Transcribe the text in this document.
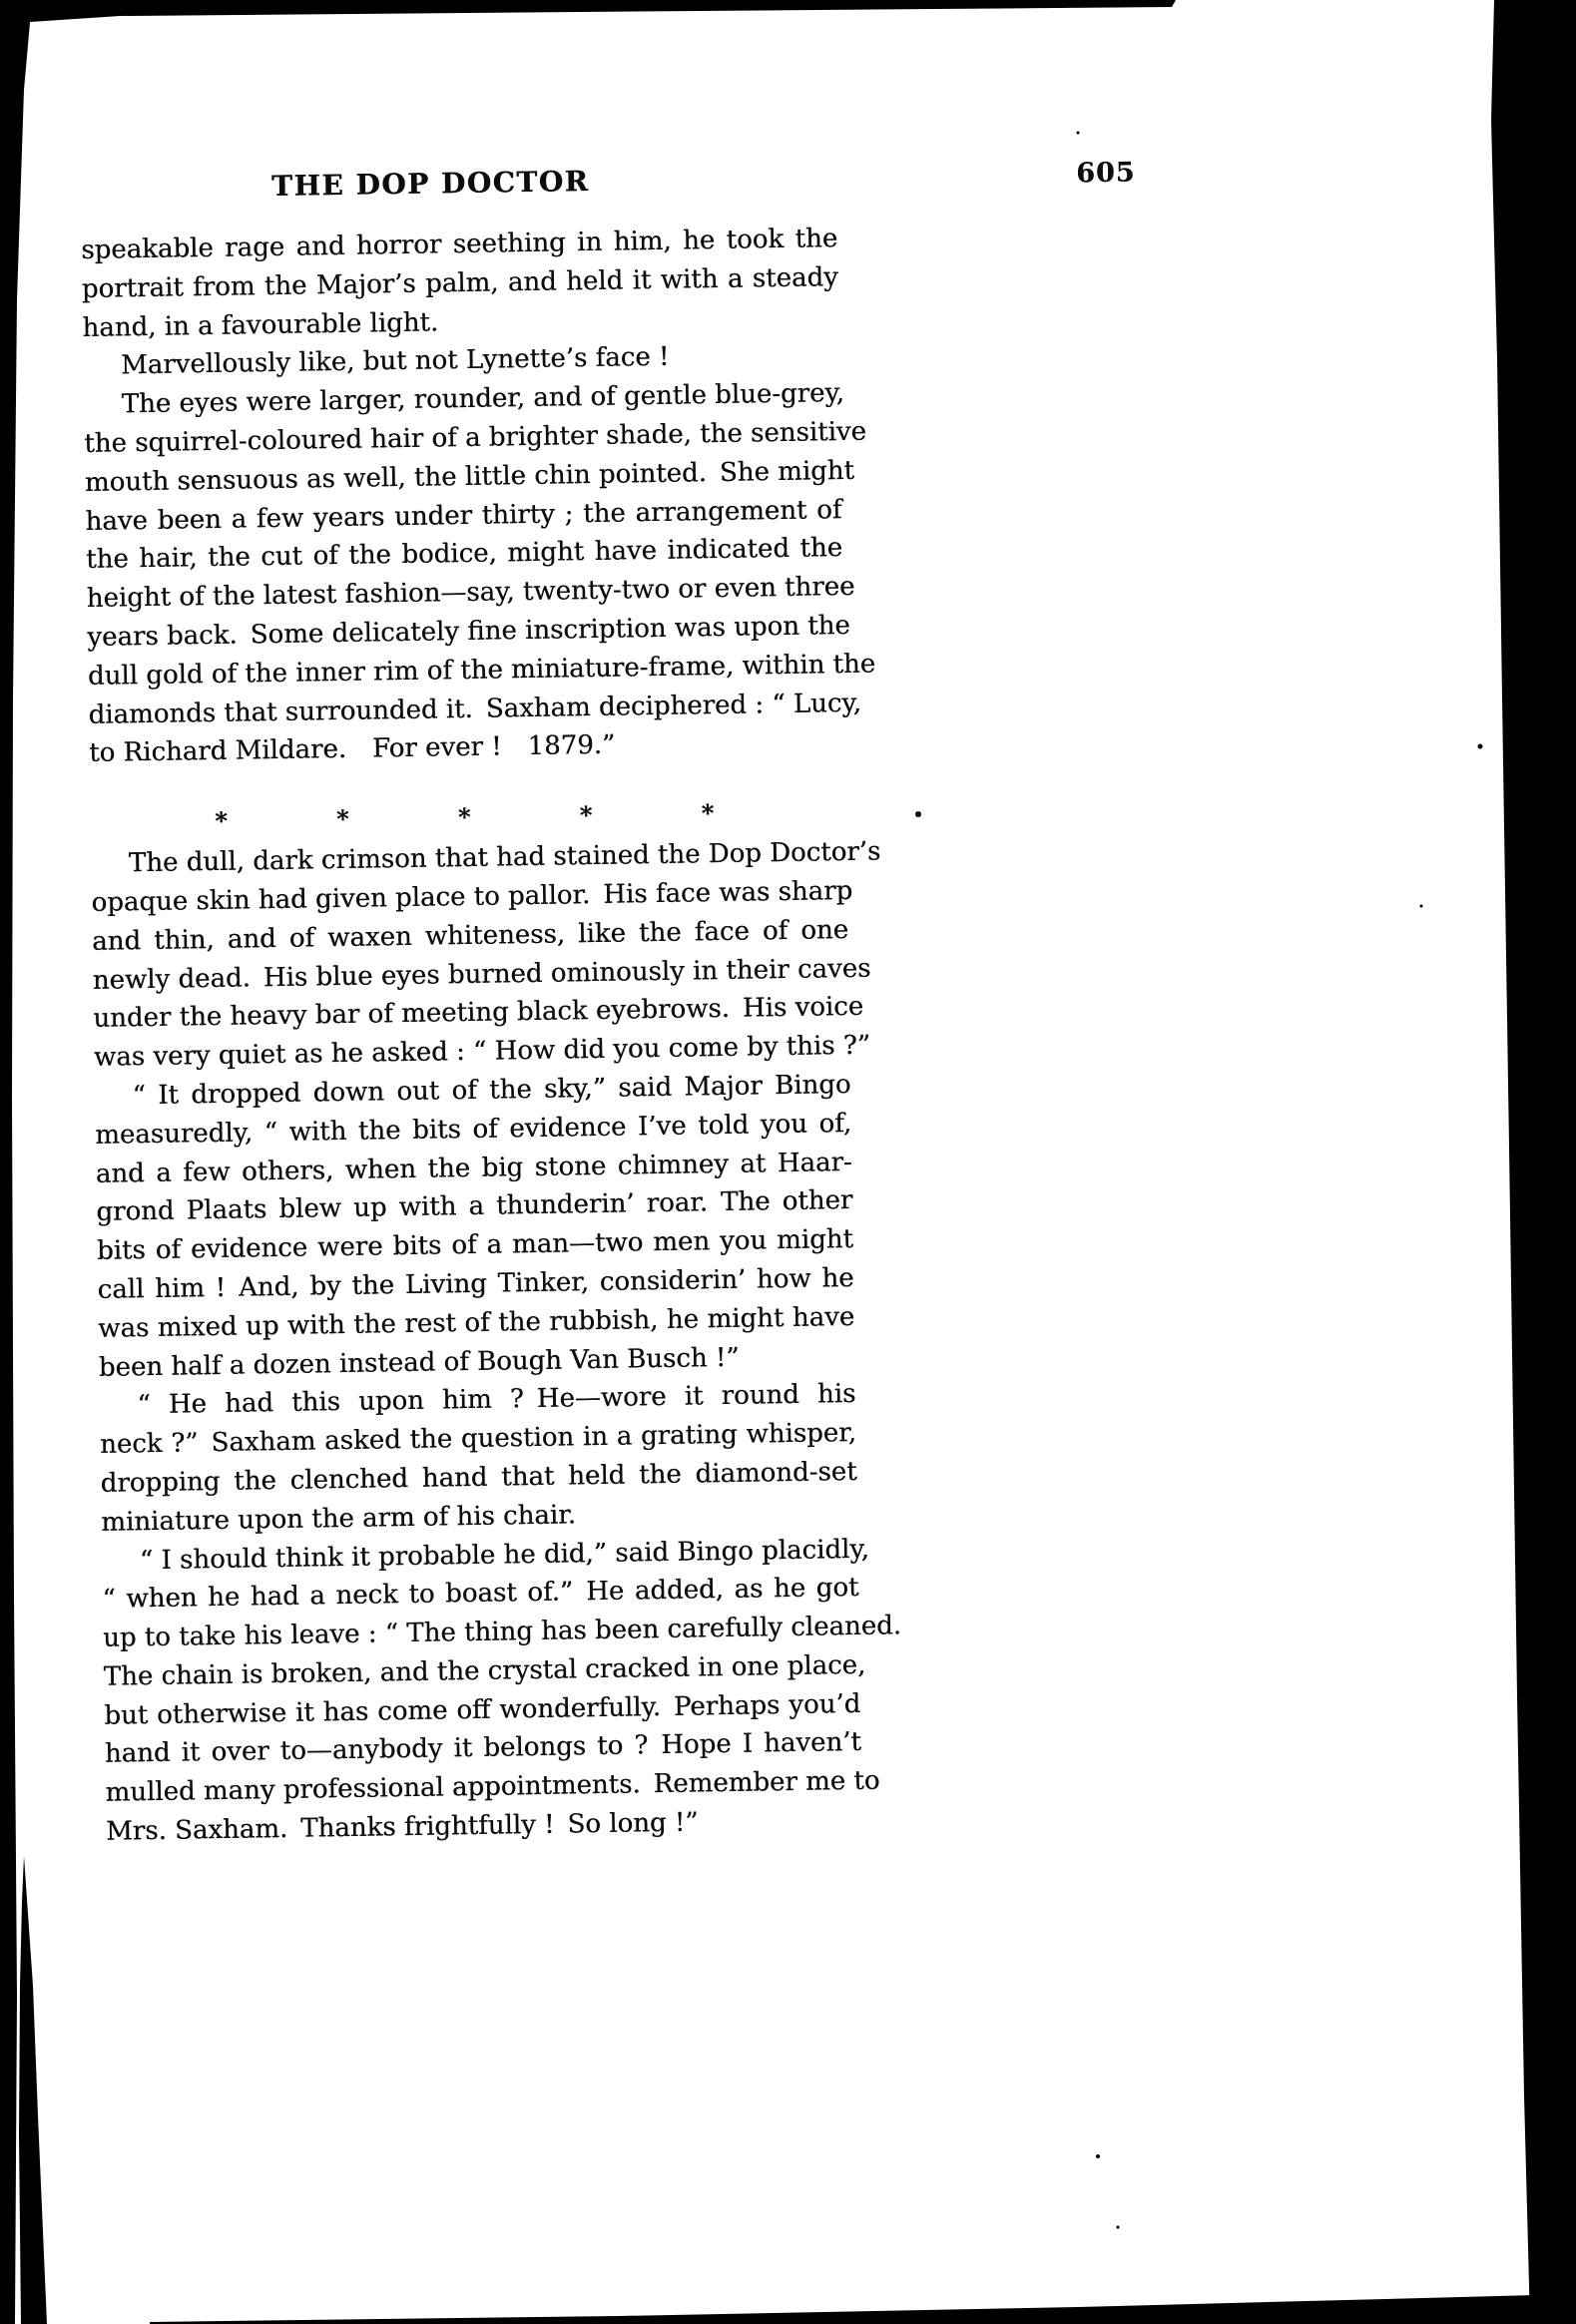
THE DOP DOCTOR	605
speakable rage and horror seething in him, he took the
portrait from the Major’s palm, and held it with a steady
hand, in a favourable light.
Marvellously like, but not Lynette’s face !
The eyes were larger, rounder, and of gentle blue-grey,
the squirrel-coloured hair of a brighter shade, the sensitive
mouth sensuous as well, the little chin pointed. She might
have been a few years under thirty ; the arrangement of
the hair, the cut of the bodice, might have indicated the
height of the latest fashion—say, twenty-two or even three
years back. Some delicately fine inscription was upon the
dull gold of the inner rim of the miniature-frame, within the
diamonds that surrounded it. Saxham deciphered : “ Lucy,
to Richard Mildare.  For ever !  1879.”
*	*	*	*	*
The dull, dark crimson that had stained the Dop Doctor’s
opaque skin had given place to pallor. His face was sharp
and thin, and of waxen whiteness, like the face of one
newly dead. His blue eyes burned ominously in their caves
under the heavy bar of meeting black eyebrows. His voice
was very quiet as he asked : “ How did you come by this ?”
“ It dropped down out of the sky,” said Major Bingo
measuredly, “ with the bits of evidence I’ve told you of,
and a few others, when the big stone chimney at Haar-
grond Plaats blew up with a thunderin’ roar. The other
bits of evidence were bits of a man—two men you might
call him ! And, by the Living Tinker, considerin’ how he
was mixed up with the rest of the rubbish, he might have
been half a dozen instead of Bough Van Busch !”
“ He had this upon him ? He—wore it round his
neck ?” Saxham asked the question in a grating whisper,
dropping the clenched hand that held the diamond-set
miniature upon the arm of his chair.
“ I should think it probable he did,” said Bingo placidly,
“ when he had a neck to boast of.” He added, as he got
up to take his leave : “ The thing has been carefully cleaned.
The chain is broken, and the crystal cracked in one place,
but otherwise it has come off wonderfully. Perhaps you’d
hand it over to—anybody it belongs to ? Hope I haven’t
mulled many professional appointments. Remember me to
Mrs. Saxham. Thanks frightfully ! So long !”
